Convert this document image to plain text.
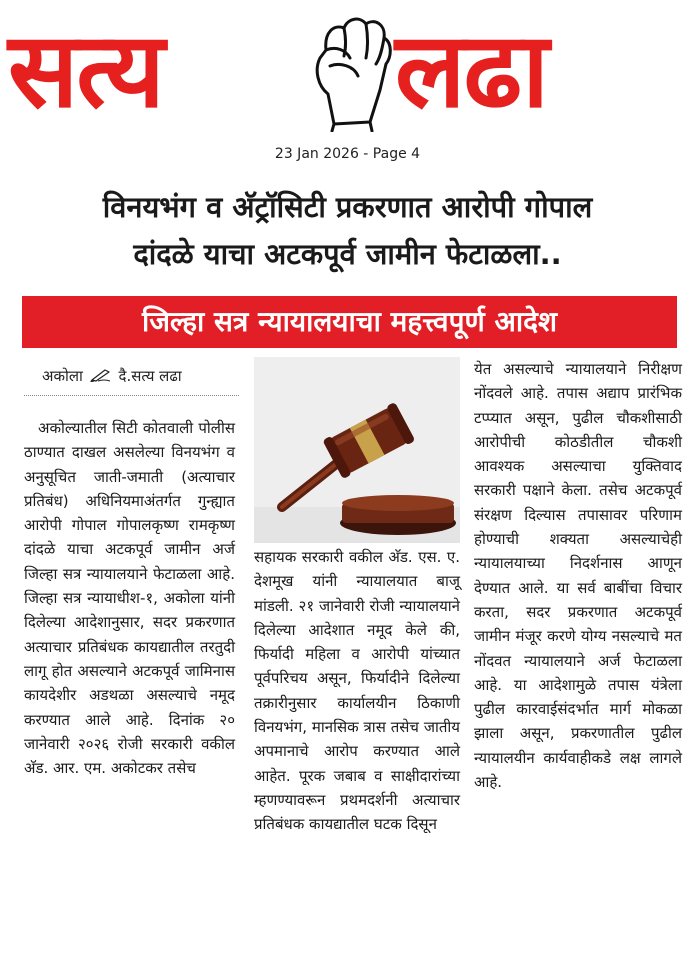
सत्य लढा
23 Jan 2026 - Page 4
विनयभंग व अ‍ॅट्रॉसिटी प्रकरणात आरोपी गोपाल
दांदळे याचा अटकपूर्व जामीन फेटाळला..
जिल्हा सत्र न्यायालयाचा महत्त्वपूर्ण आदेश
अकोला दै.सत्य लढा
अकोल्यातील सिटी कोतवाली पोलीस ठाण्यात दाखल असलेल्या विनयभंग व अनुसूचित जाती-जमाती (अत्याचार प्रतिबंध) अधिनियमाअंतर्गत गुन्ह्यात आरोपी गोपाल गोपालकृष्ण रामकृष्ण दांदळे याचा अटकपूर्व जामीन अर्ज जिल्हा सत्र न्यायालयाने फेटाळला आहे. जिल्हा सत्र न्यायाधीश-१, अकोला यांनी दिलेल्या आदेशानुसार, सदर प्रकरणात अत्याचार प्रतिबंधक कायद्यातील तरतुदी लागू होत असल्याने अटकपूर्व जामिनास कायदेशीर अडथळा असल्याचे नमूद करण्यात आले आहे. दिनांक २० जानेवारी २०२६ रोजी सरकारी वकील अ‍ॅड. आर. एम. अकोटकर तसेच
सहायक सरकारी वकील अ‍ॅड. एस. ए. देशमूख यांनी न्यायालयात बाजू मांडली. २१ जानेवारी रोजी न्यायालयाने दिलेल्या आदेशात नमूद केले की, फिर्यादी महिला व आरोपी यांच्यात पूर्वपरिचय असून, फिर्यादीने दिलेल्या तक्रारीनुसार कार्यालयीन ठिकाणी विनयभंग, मानसिक त्रास तसेच जातीय अपमानाचे आरोप करण्यात आले आहेत. पूरक जबाब व साक्षीदारांच्या म्हणण्यावरून प्रथमदर्शनी अत्याचार प्रतिबंधक कायद्यातील घटक दिसून
येत असल्याचे न्यायालयाने निरीक्षण नोंदवले आहे. तपास अद्याप प्रारंभिक टप्प्यात असून, पुढील चौकशीसाठी आरोपीची कोठडीतील चौकशी आवश्यक असल्याचा युक्तिवाद सरकारी पक्षाने केला. तसेच अटकपूर्व संरक्षण दिल्यास तपासावर परिणाम होण्याची शक्यता असल्याचेही न्यायालयाच्या निदर्शनास आणून देण्यात आले. या सर्व बाबींचा विचार करता, सदर प्रकरणात अटकपूर्व जामीन मंजूर करणे योग्य नसल्याचे मत नोंदवत न्यायालयाने अर्ज फेटाळला आहे. या आदेशामुळे तपास यंत्रेला पुढील कारवाईसंदर्भात मार्ग मोकळा झाला असून, प्रकरणातील पुढील न्यायालयीन कार्यवाहीकडे लक्ष लागले आहे.
